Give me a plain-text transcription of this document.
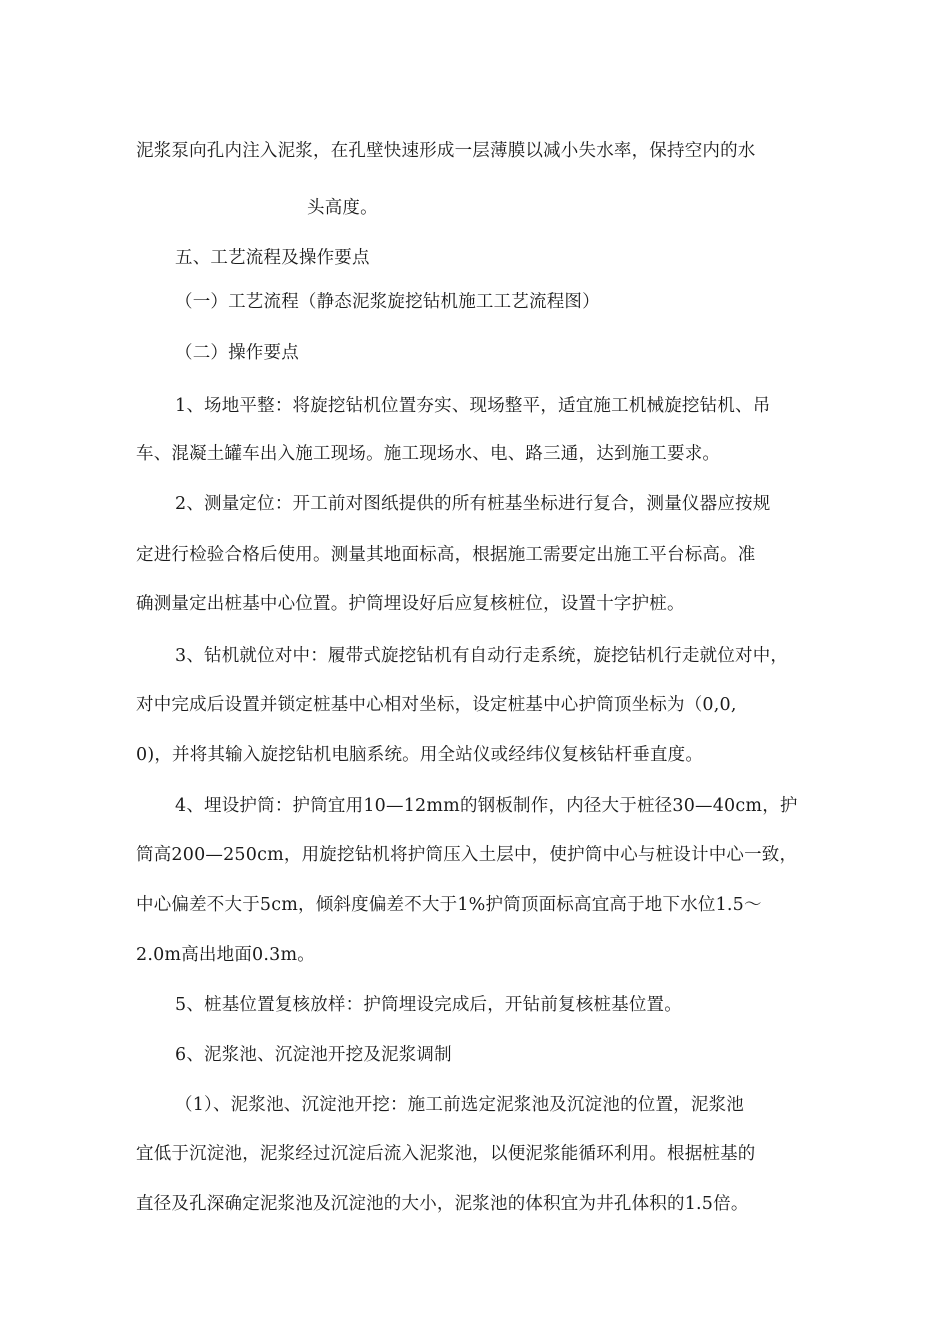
泥浆泵向孔内注入泥浆，在孔壁快速形成一层薄膜以减小失水率，保持空内的水
头高度。
五、工艺流程及操作要点
（一）工艺流程（静态泥浆旋挖钻机施工工艺流程图）
（二）操作要点
1、场地平整：将旋挖钻机位置夯实、现场整平，适宜施工机械旋挖钻机、吊
车、混凝土罐车出入施工现场。施工现场水、电、路三通，达到施工要求。
2、测量定位：开工前对图纸提供的所有桩基坐标进行复合，测量仪器应按规
定进行检验合格后使用。测量其地面标高，根据施工需要定出施工平台标高。准
确测量定出桩基中心位置。护筒埋设好后应复核桩位，设置十字护桩。
3、钻机就位对中：履带式旋挖钻机有自动行走系统，旋挖钻机行走就位对中，
对中完成后设置并锁定桩基中心相对坐标，设定桩基中心护筒顶坐标为（0,0,
0)，并将其输入旋挖钻机电脑系统。用全站仪或经纬仪复核钻杆垂直度。
4、埋设护筒：护筒宜用10—12mm的钢板制作，内径大于桩径30—40cm，护
筒高200—250cm，用旋挖钻机将护筒压入土层中，使护筒中心与桩设计中心一致，
中心偏差不大于5cm，倾斜度偏差不大于1%护筒顶面标高宜高于地下水位1.5〜
2.0m高出地面0.3m。
5、桩基位置复核放样：护筒埋设完成后，开钻前复核桩基位置。
6、泥浆池、沉淀池开挖及泥浆调制
（1）、泥浆池、沉淀池开挖：施工前选定泥浆池及沉淀池的位置，泥浆池
宜低于沉淀池，泥浆经过沉淀后流入泥浆池，以便泥浆能循环利用。根据桩基的
直径及孔深确定泥浆池及沉淀池的大小，泥浆池的体积宜为井孔体积的1.5倍。
